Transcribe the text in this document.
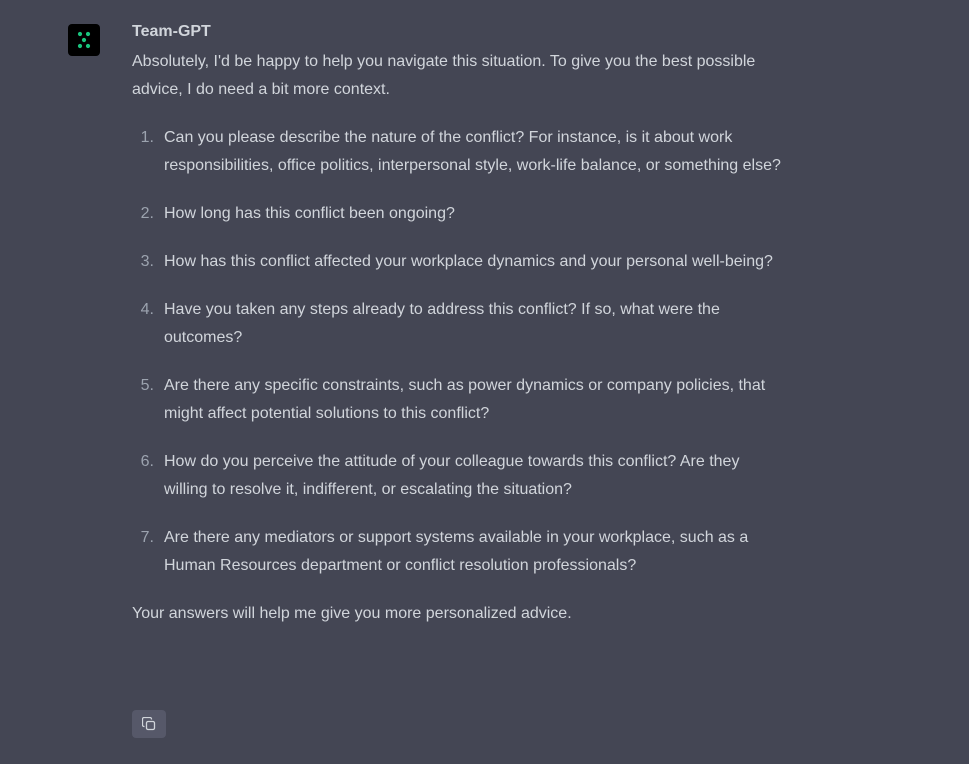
Team-GPT

Absolutely, I'd be happy to help you navigate this situation. To give you the best possible advice, I do need a bit more context.

1. Can you please describe the nature of the conflict? For instance, is it about work responsibilities, office politics, interpersonal style, work-life balance, or something else?
2. How long has this conflict been ongoing?
3. How has this conflict affected your workplace dynamics and your personal well-being?
4. Have you taken any steps already to address this conflict? If so, what were the outcomes?
5. Are there any specific constraints, such as power dynamics or company policies, that might affect potential solutions to this conflict?
6. How do you perceive the attitude of your colleague towards this conflict? Are they willing to resolve it, indifferent, or escalating the situation?
7. Are there any mediators or support systems available in your workplace, such as a Human Resources department or conflict resolution professionals?

Your answers will help me give you more personalized advice.
